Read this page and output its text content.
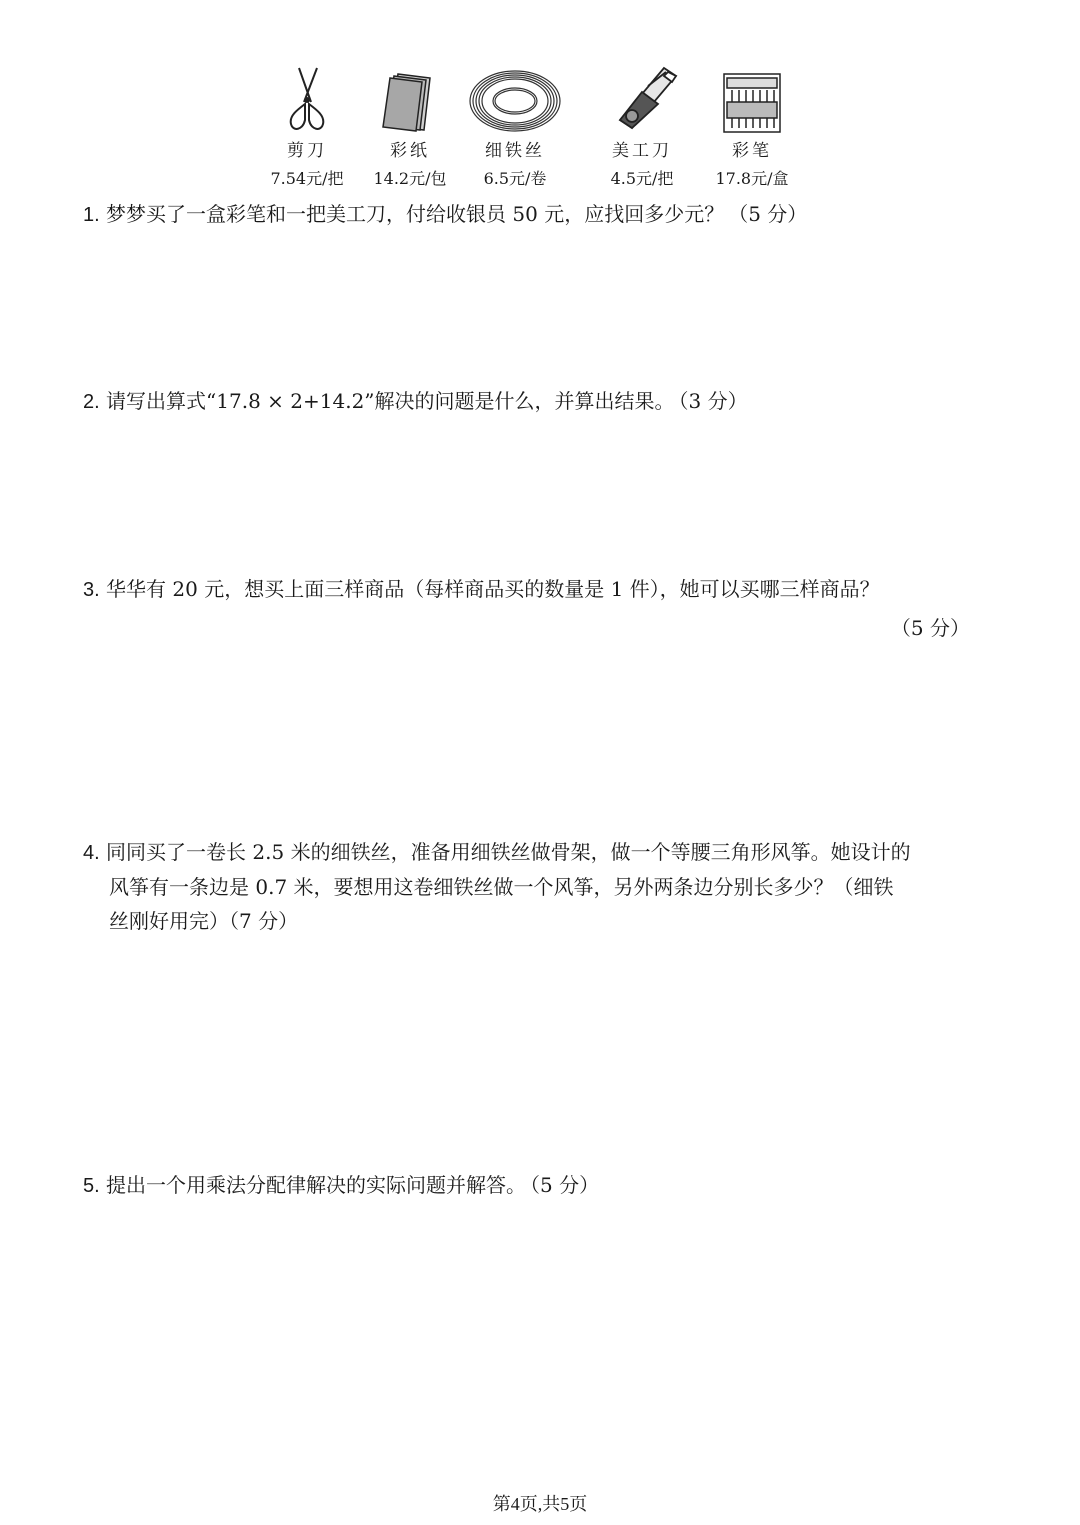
剪刀
7.54元/把
彩纸
14.2元/包
细铁丝
6.5元/卷
美工刀
4.5元/把
彩笔
17.8元/盒
1. 梦梦买了一盒彩笔和一把美工刀，付给收银员 50 元，应找回多少元？ （5 分）
2. 请写出算式“17.8 × 2+14.2”解决的问题是什么，并算出结果。 （3 分）
3. 华华有 20 元，想买上面三样商品（每样商品买的数量是 1 件），她可以买哪三样商品？
（5 分）
4. 同同买了一卷长 2.5 米的细铁丝，准备用细铁丝做骨架，做一个等腰三角形风筝。她设计的
风筝有一条边是 0.7 米，要想用这卷细铁丝做一个风筝，另外两条边分别长多少？（细铁
丝刚好用完）（7 分）
5. 提出一个用乘法分配律解决的实际问题并解答。 （5 分）
第4页,共5页
